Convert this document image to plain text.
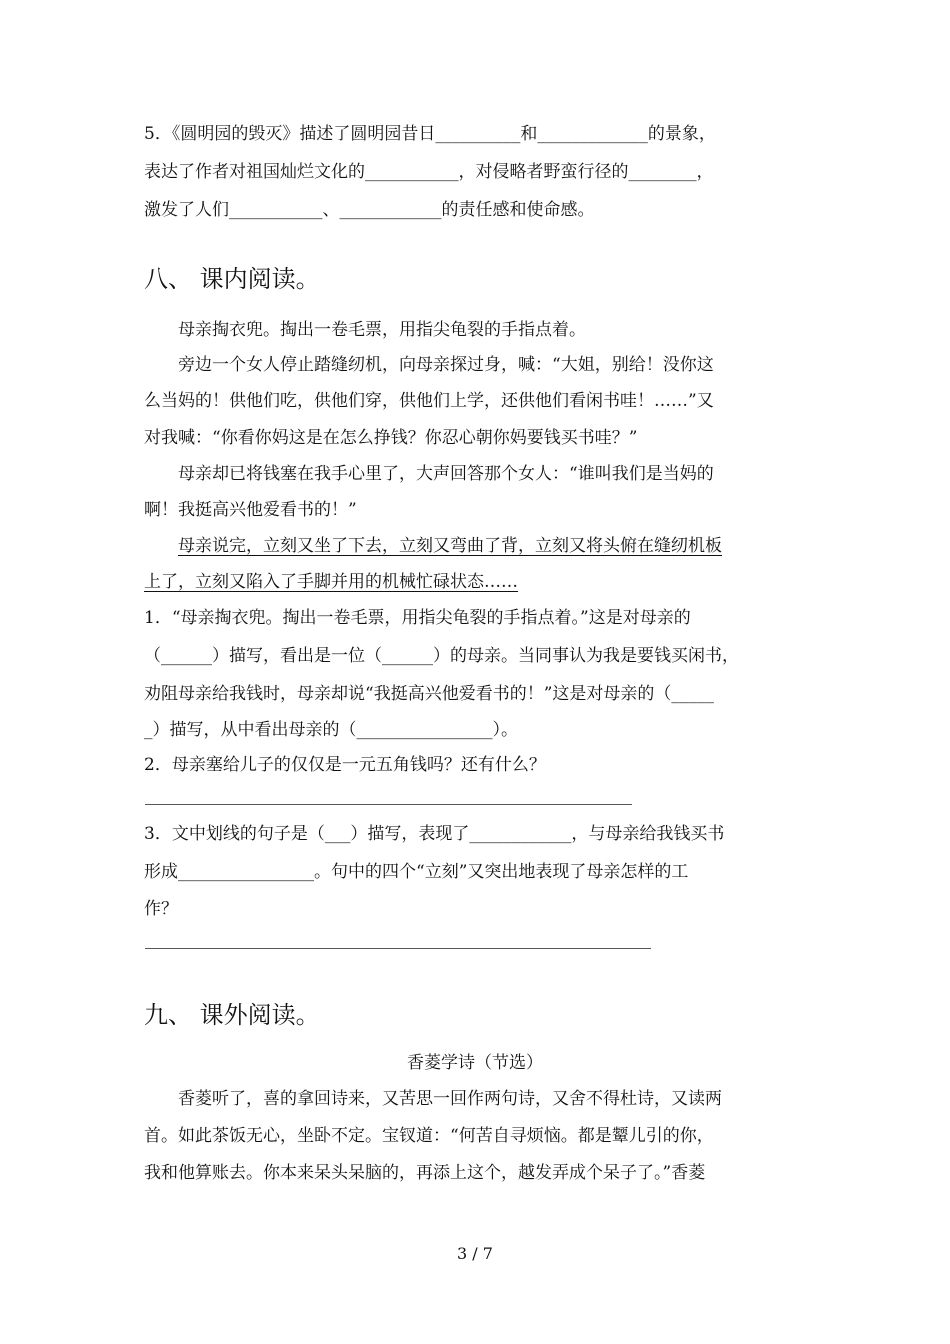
5．《圆明园的毁灭》描述了圆明园昔日__________和_____________的景象，
表达了作者对祖国灿烂文化的___________，对侵略者野蛮行径的________，
激发了人们___________、____________的责任感和使命感。
八、 课内阅读。
母亲掏衣兜。掏出一卷毛票，用指尖龟裂的手指点着。
旁边一个女人停止踏缝纫机，向母亲探过身，喊：“大姐，别给！没你这
么当妈的！供他们吃，供他们穿，供他们上学，还供他们看闲书哇！……”又
对我喊：“你看你妈这是在怎么挣钱？你忍心朝你妈要钱买书哇？”
母亲却已将钱塞在我手心里了，大声回答那个女人：“谁叫我们是当妈的
啊！我挺高兴他爱看书的！”
母亲说完，立刻又坐了下去，立刻又弯曲了背，立刻又将头俯在缝纫机板
上了，立刻又陷入了手脚并用的机械忙碌状态……
1．“母亲掏衣兜。掏出一卷毛票，用指尖龟裂的手指点着。”这是对母亲的
（______）描写，看出是一位（______）的母亲。当同事认为我是要钱买闲书，
劝阻母亲给我钱时，母亲却说“我挺高兴他爱看书的！”这是对母亲的（_____
_）描写，从中看出母亲的（________________）。
2．母亲塞给儿子的仅仅是一元五角钱吗？还有什么？
3．文中划线的句子是（___）描写，表现了____________，与母亲给我钱买书
形成________________。句中的四个“立刻”又突出地表现了母亲怎样的工
作？
九、 课外阅读。
香菱学诗（节选）
香菱听了，喜的拿回诗来，又苦思一回作两句诗，又舍不得杜诗，又读两
首。如此茶饭无心，坐卧不定。宝钗道：“何苦自寻烦恼。都是颦儿引的你，
我和他算账去。你本来呆头呆脑的，再添上这个，越发弄成个呆子了。”香菱
3 / 7
